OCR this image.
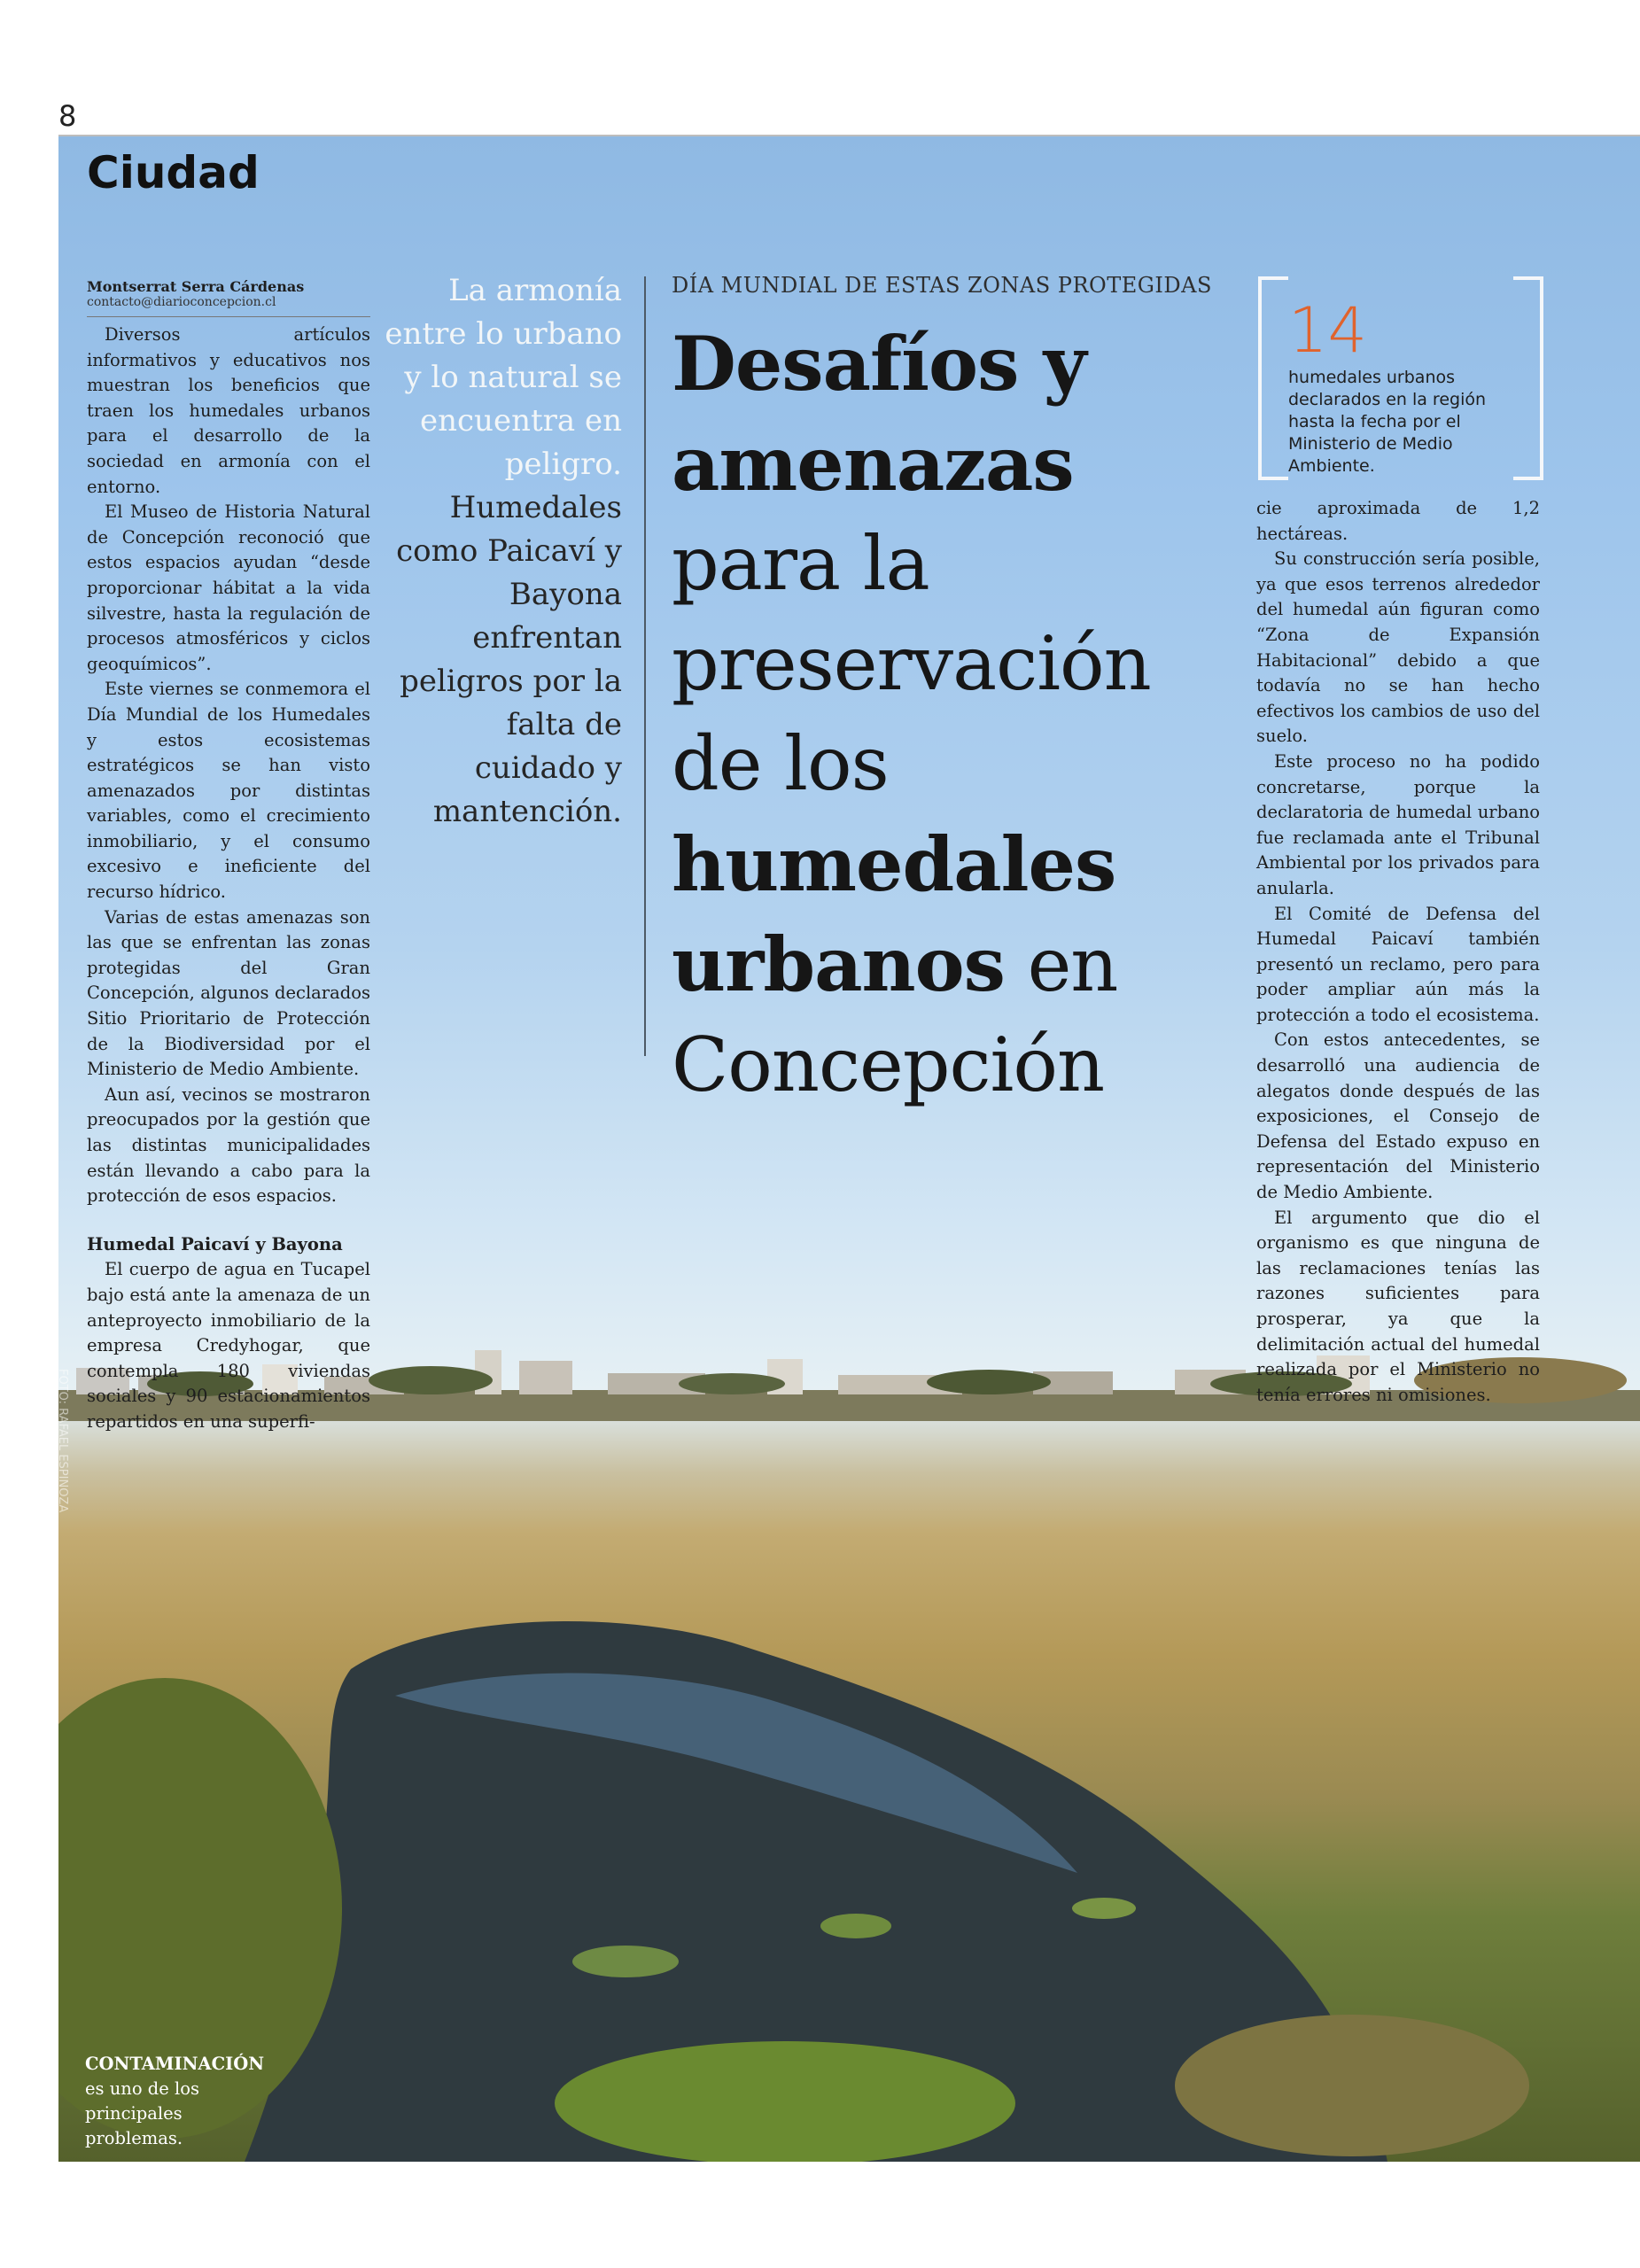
8
FOTO: RAFAEL ESPINOZA
Ciudad
Montserrat Serra Cárdenas
contacto@diarioconcepcion.cl

Diversos artículos informativos y educativos nos muestran los beneficios que traen los humedales urbanos para el desarrollo de la sociedad en armonía con el entorno.

El Museo de Historia Natural de Concepción reconoció que estos espacios ayudan “desde proporcionar hábitat a la vida silvestre, hasta la regulación de procesos atmosféricos y ciclos geoquímicos”.

Este viernes se conmemora el Día Mundial de los Humedales y estos ecosistemas estratégicos se han visto amenazados por distintas variables, como el crecimiento inmobiliario, y el consumo excesivo e ineficiente del recurso hídrico.

Varias de estas amenazas son las que se enfrentan las zonas protegidas del Gran Concepción, algunos declarados Sitio Prioritario de Protección de la Biodiversidad por el Ministerio de Medio Ambiente.

Aun así, vecinos se mostraron preocupados por la gestión que las distintas municipalidades están llevando a cabo para la protección de esos espacios.

Humedal Paicaví y Bayona

El cuerpo de agua en Tucapel bajo está ante la amenaza de un anteproyecto inmobiliario de la empresa Credyhogar, que contempla 180 viviendas sociales y 90 estacionamientos repartidos en una superfi-

La armonía entre lo urbano y lo natural se encuentra en peligro. Humedales como Paicaví y Bayona enfrentan peligros por la falta de cuidado y mantención.
DÍA MUNDIAL DE ESTAS ZONAS PROTEGIDAS
Desafíos y
amenazas
para la
preservación
de los
humedales
urbanos en
Concepción
14
humedales urbanos declarados en la región hasta la fecha por el Ministerio de Medio Ambiente.

cie aproximada de 1,2 hectáreas.

Su construcción sería posible, ya que esos terrenos alrededor del humedal aún figuran como “Zona de Expansión Habitacional” debido a que todavía no se han hecho efectivos los cambios de uso del suelo.

Este proceso no ha podido concretarse, porque la declaratoria de humedal urbano fue reclamada ante el Tribunal Ambiental por los privados para anularla.

El Comité de Defensa del Humedal Paicaví también presentó un reclamo, pero para poder ampliar aún más la protección a todo el ecosistema.

Con estos antecedentes, se desarrolló una audiencia de alegatos donde después de las exposiciones, el Consejo de Defensa del Estado expuso en representación del Ministerio de Medio Ambiente.

El argumento que dio el organismo es que ninguna de las reclamaciones tenías las razones suficientes para prosperar, ya que la delimitación actual del humedal realizada por el Ministerio no tenía errores ni omisiones.

CONTAMINACIÓN es uno de los principales problemas.
